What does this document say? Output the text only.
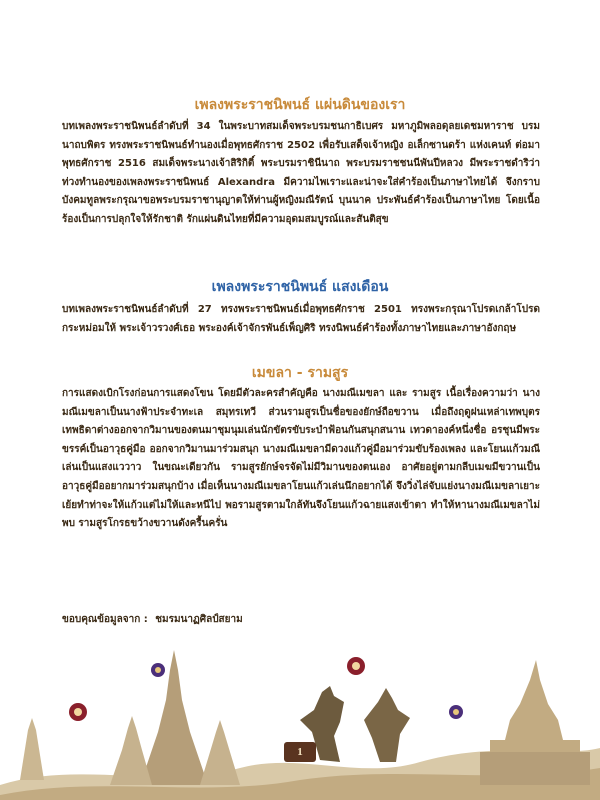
เพลงพระราชนิพนธ์ แผ่นดินของเรา

บทเพลงพระราชนิพนธ์ลำดับที่ 34 ในพระบาทสมเด็จพระบรมชนกาธิเบศร มหาภูมิพลอดุลยเดชมหาราช บรมนาถบพิตร ทรงพระราชนิพนธ์ทำนองเมื่อพุทธศักราช 2502 เพื่อรับเสด็จเจ้าหญิง อเล็กซานดร้า แห่งเคนท์ ต่อมาพุทธศักราช 2516 สมเด็จพระนางเจ้าสิริกิติ์ พระบรมราชินีนาถ พระบรมราชชนนีพันปีหลวง มีพระราชดำริว่า ท่วงทำนองของเพลงพระราชนิพนธ์ Alexandra มีความไพเราะและน่าจะใส่คำร้องเป็นภาษาไทยได้ จึงกราบบังคมทูลพระกรุณาขอพระบรมราชานุญาตให้ท่านผู้หญิงมณีรัตน์ บุนนาค ประพันธ์คำร้องเป็นภาษาไทย โดยเนื้อร้องเป็นการปลุกใจให้รักชาติ รักแผ่นดินไทยที่มีความอุดมสมบูรณ์และสันติสุข

เพลงพระราชนิพนธ์ แสงเดือน

บทเพลงพระราชนิพนธ์ลำดับที่ 27 ทรงพระราชนิพนธ์เมื่อพุทธศักราช 2501 ทรงพระกรุณาโปรดเกล้าโปรดกระหม่อมให้ พระเจ้าวรวงศ์เธอ พระองค์เจ้าจักรพันธ์เพ็ญศิริ ทรงนิพนธ์คำร้องทั้งภาษาไทยและภาษาอังกฤษ

เมขลา - รามสูร

การแสดงเบิกโรงก่อนการแสดงโขน โดยมีตัวละครสำคัญคือ นางมณีเมขลา และ รามสูร เนื้อเรื่องความว่า นางมณีเมขลาเป็นนางฟ้าประจำทะเล สมุทรเทวี ส่วนรามสูรเป็นชื่อของยักษ์ถือขวาน เมื่อถึงฤดูฝนเหล่าเทพบุตรเทพธิดาต่างออกจากวิมานของตนมาชุมนุมเล่นนักขัตรขับระบำฟ้อนกันสนุกสนาน เทวดาองค์หนึ่งชื่อ อรชุนมีพระขรรค์เป็นอาวุธคู่มือ ออกจากวิมานมาร่วมสนุก นางมณีเมขลามีดวงแก้วคู่มือมาร่วมขับร้องเพลง และโยนแก้วมณีเล่นเป็นแสงแววาว ในขณะเดียวกัน รามสูรยักษ์จรจัดไม่มีวิมานของตนเอง อาศัยอยู่ตามกลีบเมฆมีขวานเป็นอาวุธคู่มืออยากมาร่วมสนุกบ้าง เมื่อเห็นนางมณีเมขลาโยนแก้วเล่นนึกอยากได้ จึงวิ่งไล่จับแย่งนางมณีเมขลาเยาะเย้ยทำท่าจะให้แก้วแต่ไม่ให้และหนีไป พอรามสูรตามใกล้ทันจึงโยนแก้วฉายแสงเข้าตา ทำให้หานางมณีเมขลาไม่พบ รามสูรโกรธขว้างขวานดังครื้นครั่น

ขอบคุณข้อมูลจาก : ชมรมนาฏศิลป์สยาม
1
